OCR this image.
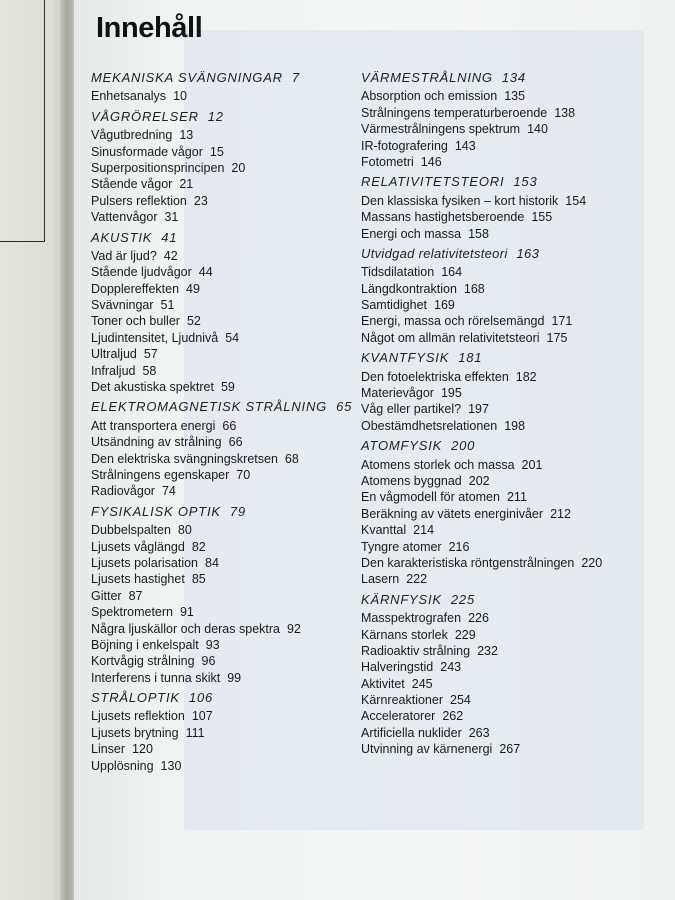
Innehåll
MEKANISKA SVÄNGNINGAR 7
Enhetsanalys 10
VÅGRÖRELSER 12
Vågutbredning 13
Sinusformade vågor 15
Superpositionsprincipen 20
Stående vågor 21
Pulsers reflektion 23
Vattenvågor 31
AKUSTIK 41
Vad är ljud? 42
Stående ljudvågor 44
Dopplereffekten 49
Svävningar 51
Toner och buller 52
Ljudintensitet, Ljudnivå 54
Ultraljud 57
Infraljud 58
Det akustiska spektret 59
ELEKTROMAGNETISK STRÅLNING 65
Att transportera energi 66
Utsändning av strålning 66
Den elektriska svängningskretsen 68
Strålningens egenskaper 70
Radiovågor 74
FYSIKALISK OPTIK 79
Dubbelspalten 80
Ljusets våglängd 82
Ljusets polarisation 84
Ljusets hastighet 85
Gitter 87
Spektrometern 91
Några ljuskällor och deras spektra 92
Böjning i enkelspalt 93
Kortvågig strålning 96
Interferens i tunna skikt 99
STRÅLOPTIK 106
Ljusets reflektion 107
Ljusets brytning 111
Linser 120
Upplösning 130
VÄRMESTRÅLNING 134
Absorption och emission 135
Strålningens temperaturberoende 138
Värmestrålningens spektrum 140
IR-fotografering 143
Fotometri 146
RELATIVITETSTEORI 153
Den klassiska fysiken – kort historik 154
Massans hastighetsberoende 155
Energi och massa 158
Utvidgad relativitetsteori 163
Tidsdilatation 164
Längdkontraktion 168
Samtidighet 169
Energi, massa och rörelsemängd 171
Något om allmän relativitetsteori 175
KVANTFYSIK 181
Den fotoelektriska effekten 182
Materievågor 195
Våg eller partikel? 197
Obestämdhetsrelationen 198
ATOMFYSIK 200
Atomens storlek och massa 201
Atomens byggnad 202
En vågmodell för atomen 211
Beräkning av vätets energinivåer 212
Kvanttal 214
Tyngre atomer 216
Den karakteristiska röntgenstrålningen 220
Lasern 222
KÄRNFYSIK 225
Masspektrografen 226
Kärnans storlek 229
Radioaktiv strålning 232
Halveringstid 243
Aktivitet 245
Kärnreaktioner 254
Acceleratorer 262
Artificiella nuklider 263
Utvinning av kärnenergi 267
